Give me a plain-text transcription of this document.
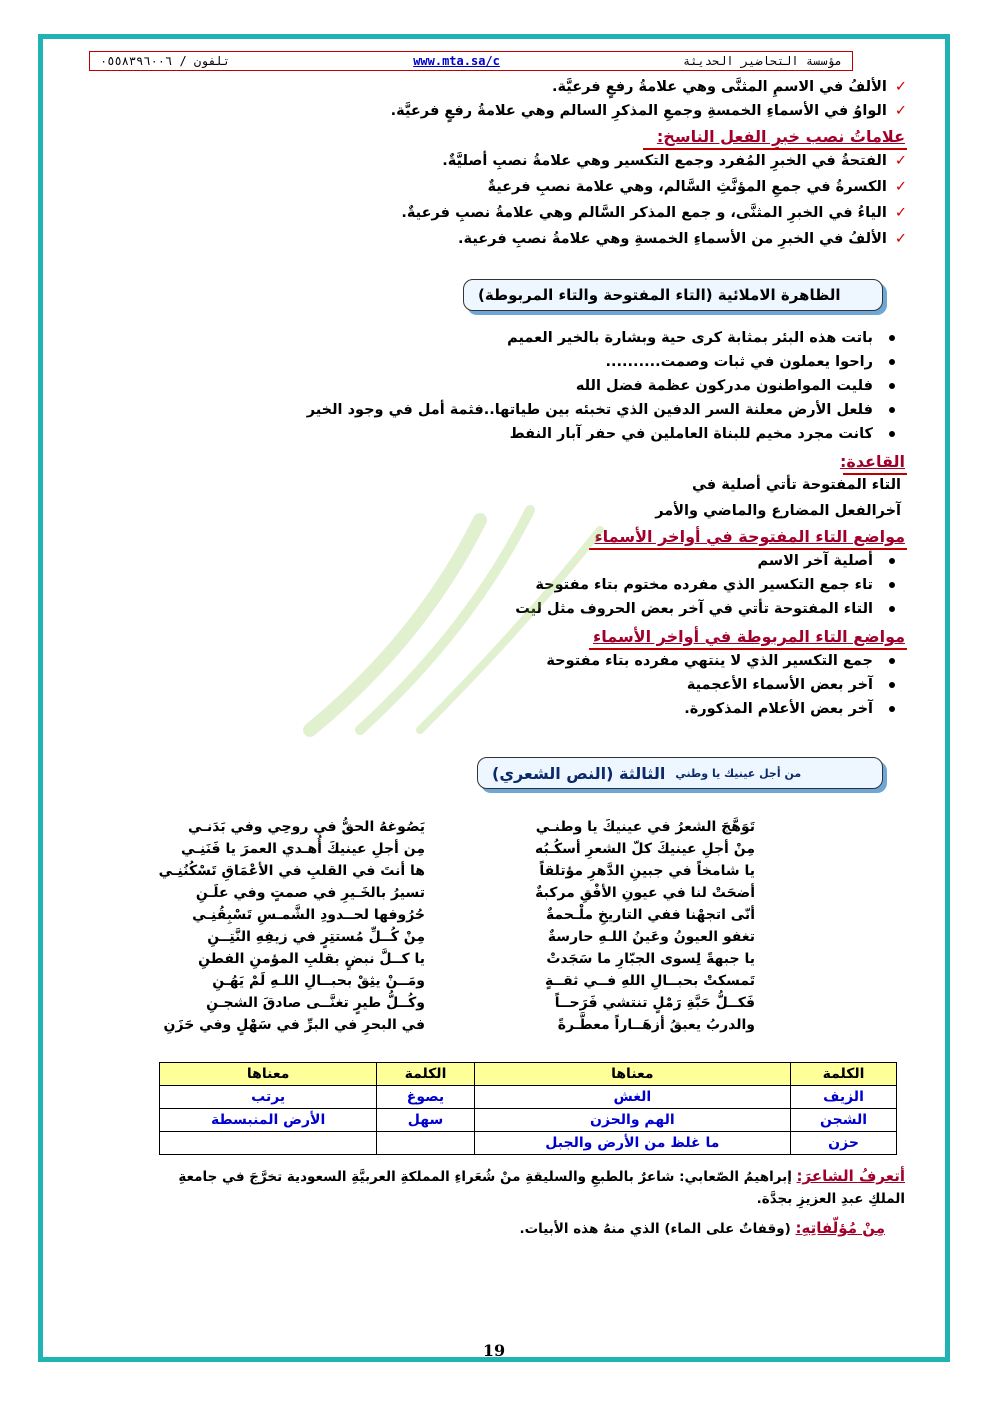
تلفون / ٠٥٥٨٣٩٦٠٠٦	www.mta.sa/c	مؤسسة التحاضير الحديثة
✓الألفُ في الاسمِ المثنَّى وهي علامةُ رفعٍ فرعيَّة.
✓الواوُ في الأسماءِ الخمسةِ وجمعِ المذكرِ السالم وهي علامةُ رفعٍ فرعيَّة.
علاماتُ نصب خبرِ الفعل الناسخ:
✓الفتحةُ في الخبرِ المُفرد وجمع التكسير وهي علامةُ نصبِ أصليَّةٌ.
✓الكسرةُ في جمعِ المؤنَّثِ السَّالم، وهي علامة نصبِ فرعيةٌ
✓الياءُ في الخبرِ المثنَّى، و جمع المذكر السَّالم وهي علامةُ نصبِ فرعيةٌ.
✓الألفُ في الخبرِ من الأسماءِ الخمسةِ وهي علامةُ نصبِ فرعية.
الظاهرة الاملائية (التاء المفتوحة والتاء المربوطة)
باتت هذه البئر بمثابة كرى حية وبشارة بالخير العميم
راحوا يعملون في ثبات وصمت..........
فليت المواطنون مدركون عظمة فضل الله
فلعل الأرض معلنة السر الدفين الذي تخبئه بين طياتها..فثمة أمل في وجود الخير
كانت مجرد مخيم للبناة العاملين في حفر آبار النفط
القاعدة:
التاء المفتوحة تأتي أصلية في
آخرالفعل المضارع والماضي والأمر
مواضع التاء المفتوحة في أواخر الأسماء
أصلية آخر الاسم
تاء جمع التكسير الذي مفرده مختوم بتاء مفتوحة
التاء المفتوحة تأتي في آخر بعض الحروف مثل ليت
مواضع التاء المربوطة في أواخر الأسماء
جمع التكسير الذي لا ينتهي مفرده بتاء مفتوحة
آخر بعض الأسماء الأعجمية
آخر بعض الأعلام المذكورة.
من أجل عينيك يا وطني
الثالثة (النص الشعري)
تَوَهَّجَ الشعرُ في عينيكَ يا وطنـي
يَصُوغهُ الحقُّ في روحِي وفي بَدَنـي
مِنْ أجلِ عينيكَ كلّ الشعرِ أسكُـبُه
مِن أجلِ عينيكَ أُهـدي العمرَ يا فَنَنِـي
يا شامخاً في جبينِ الدَّهرِ مؤتلقاً
ها أنتَ في القلبِ في الأعْمَاقِ تَسْكُنُنِـي
أضحَتْ لنا في عيونِ الأفْقِ مركبةٌ
تسيرُ بالخَـيرِ في صمتٍ وفي علَـنِ
أنّى اتجهْنا ففي التاريخِ ملْـحمةٌ
حُرُوفها لحــدودِ الشَّمـسِ تَسْبِقُنِـي
تغفو العيونُ وعَينُ اللـهِ حارسةٌ
مِنْ كُــلِّ مُستتِرٍ في زيفِهِ النَّتِــنِ
يا جبهةً لِسوى الجبّارِ ما سَجَدتْ
يا كــلَّ نبضٍ بقلبِ المؤمنِ الفطنِ
تَمسكتْ بحبــالِ اللهِ فــي ثقــةٍ
ومَــنْ يثِقْ بحبــالِ اللـهِ لَمْ يَهُـنِ
فَكــلُّ حَبَّةِ رَمْلٍ تنتشي فَرَحــاً
وكُــلُّ طيرٍ تغنَّــى صادقَ الشجـنِ
والدربُ يعبقُ أزهَــاراً معطَّـرةً
في البحرِ في البرِّ في سَهْلٍ وفي حَزَنِ
الكلمة	معناها	الكلمة	معناها
الزيف	الغش	يصوغ	يرتب
الشجن	الهم والحزن	سهل	الأرض المنبسطة
حزن	ما غلظ من الأرض والجبل		
أتعرفُ الشاعرَ: إبراهيمُ الصّعابي: شاعرٌ بالطبعِ والسليقةِ منْ شُعَراءِ المملكةِ العربيَّةِ السعودية تخرَّجَ في جامعةِ
الملكِ عبدِ العزيزِ بجدَّة.
مِنْ مُؤلّفاتِهِ: (وقفاتٌ على الماء) الذي منهُ هذه الأبيات.
19
